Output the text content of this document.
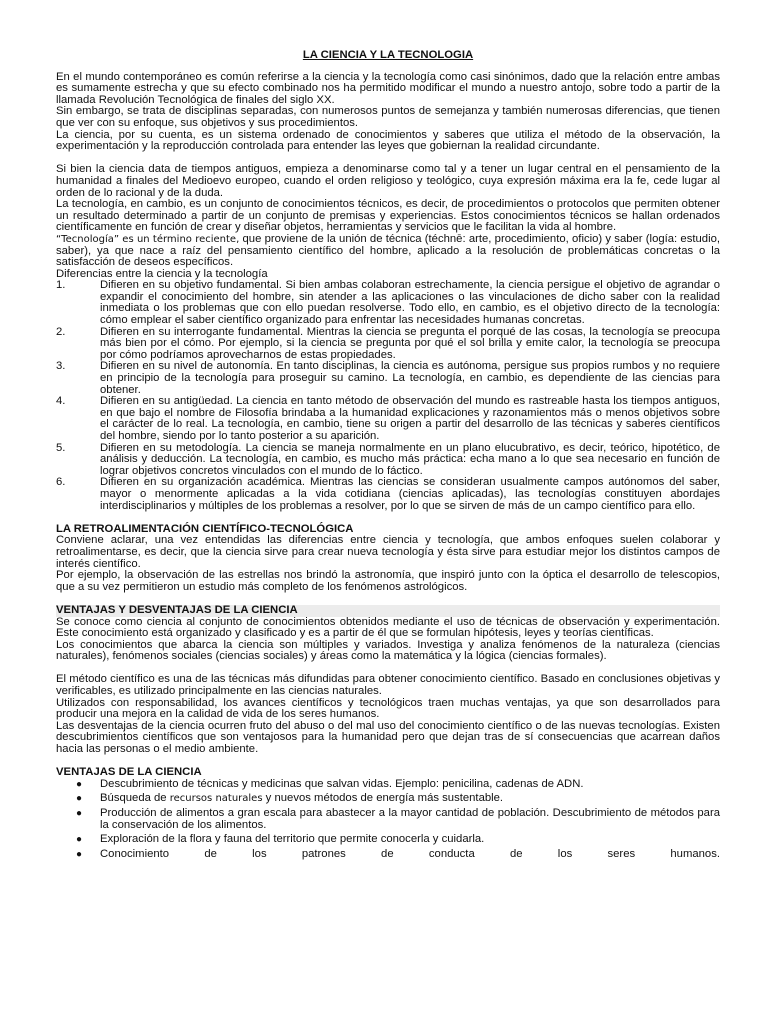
LA CIENCIA Y LA TECNOLOGIA

En el mundo contemporáneo es común referirse a la ciencia y la tecnología como casi sinónimos, dado que la relación entre ambas es sumamente estrecha y que su efecto combinado nos ha permitido modificar el mundo a nuestro antojo, sobre todo a partir de la llamada Revolución Tecnológica de finales del siglo XX.

Sin embargo, se trata de disciplinas separadas, con numerosos puntos de semejanza y también numerosas diferencias, que tienen que ver con su enfoque, sus objetivos y sus procedimientos.

La ciencia, por su cuenta, es un sistema ordenado de conocimientos y saberes que utiliza el método de la observación, la experimentación y la reproducción controlada para entender las leyes que gobiernan la realidad circundante.

Si bien la ciencia data de tiempos antiguos, empieza a denominarse como tal y a tener un lugar central en el pensamiento de la humanidad a finales del Medioevo europeo, cuando el orden religioso y teológico, cuya expresión máxima era la fe, cede lugar al orden de lo racional y de la duda.

La tecnología, en cambio, es un conjunto de conocimientos técnicos, es decir, de procedimientos o protocolos que permiten obtener un resultado determinado a partir de un conjunto de premisas y experiencias. Estos conocimientos técnicos se hallan ordenados científicamente en función de crear y diseñar objetos, herramientas y servicios que le facilitan la vida al hombre.

“Tecnología” es un término reciente, que proviene de la unión de técnica (téchnē: arte, procedimiento, oficio) y saber (logía: estudio, saber), ya que nace a raíz del pensamiento científico del hombre, aplicado a la resolución de problemáticas concretas o la satisfacción de deseos específicos.

Diferencias entre la ciencia y la tecnología

1.	Difieren en su objetivo fundamental. Si bien ambas colaboran estrechamente, la ciencia persigue el objetivo de agrandar o expandir el conocimiento del hombre, sin atender a las aplicaciones o las vinculaciones de dicho saber con la realidad inmediata o los problemas que con ello puedan resolverse. Todo ello, en cambio, es el objetivo directo de la tecnología: cómo emplear el saber científico organizado para enfrentar las necesidades humanas concretas.
2.	Difieren en su interrogante fundamental. Mientras la ciencia se pregunta el porqué de las cosas, la tecnología se preocupa más bien por el cómo. Por ejemplo, si la ciencia se pregunta por qué el sol brilla y emite calor, la tecnología se preocupa por cómo podríamos aprovecharnos de estas propiedades.
3.	Difieren en su nivel de autonomía. En tanto disciplinas, la ciencia es autónoma, persigue sus propios rumbos y no requiere en principio de la tecnología para proseguir su camino. La tecnología, en cambio, es dependiente de las ciencias para obtener.
4.	Difieren en su antigüedad. La ciencia en tanto método de observación del mundo es rastreable hasta los tiempos antiguos, en que bajo el nombre de Filosofía brindaba a la humanidad explicaciones y razonamientos más o menos objetivos sobre el carácter de lo real. La tecnología, en cambio, tiene su origen a partir del desarrollo de las técnicas y saberes científicos del hombre, siendo por lo tanto posterior a su aparición.
5.	Difieren en su metodología. La ciencia se maneja normalmente en un plano elucubrativo, es decir, teórico, hipotético, de análisis y deducción. La tecnología, en cambio, es mucho más práctica: echa mano a lo que sea necesario en función de lograr objetivos concretos vinculados con el mundo de lo fáctico.
6.	Difieren en su organización académica. Mientras las ciencias se consideran usualmente campos autónomos del saber, mayor o menormente aplicadas a la vida cotidiana (ciencias aplicadas), las tecnologías constituyen abordajes interdisciplinarios y múltiples de los problemas a resolver, por lo que se sirven de más de un campo científico para ello.

LA RETROALIMENTACIÓN CIENTÍFICO-TECNOLÓGICA

Conviene aclarar, una vez entendidas las diferencias entre ciencia y tecnología, que ambos enfoques suelen colaborar y retroalimentarse, es decir, que la ciencia sirve para crear nueva tecnología y ésta sirve para estudiar mejor los distintos campos de interés científico.

Por ejemplo, la observación de las estrellas nos brindó la astronomía, que inspiró junto con la óptica el desarrollo de telescopios, que a su vez permitieron un estudio más completo de los fenómenos astrológicos.

VENTAJAS Y DESVENTAJAS DE LA CIENCIA

Se conoce como ciencia al conjunto de conocimientos obtenidos mediante el uso de técnicas de observación y experimentación. Este conocimiento está organizado y clasificado y es a partir de él que se formulan hipótesis, leyes y teorías científicas.

Los conocimientos que abarca la ciencia son múltiples y variados. Investiga y analiza fenómenos de la naturaleza (ciencias naturales), fenómenos sociales (ciencias sociales) y áreas como la matemática y la lógica (ciencias formales).

El método científico es una de las técnicas más difundidas para obtener conocimiento científico. Basado en conclusiones objetivas y verificables, es utilizado principalmente en las ciencias naturales.

Utilizados con responsabilidad, los avances científicos y tecnológicos traen muchas ventajas, ya que son desarrollados para producir una mejora en la calidad de vida de los seres humanos.

Las desventajas de la ciencia ocurren fruto del abuso o del mal uso del conocimiento científico o de las nuevas tecnologías. Existen descubrimientos científicos que son ventajosos para la humanidad pero que dejan tras de sí consecuencias que acarrean daños hacia las personas o el medio ambiente.

VENTAJAS DE LA CIENCIA

● Descubrimiento de técnicas y medicinas que salvan vidas. Ejemplo: penicilina, cadenas de ADN.
● Búsqueda de recursos naturales y nuevos métodos de energía más sustentable.
● Producción de alimentos a gran escala para abastecer a la mayor cantidad de población. Descubrimiento de métodos para la conservación de los alimentos.
● Exploración de la flora y fauna del territorio que permite conocerla y cuidarla.
● Conocimiento de los patrones de conducta de los seres humanos.
